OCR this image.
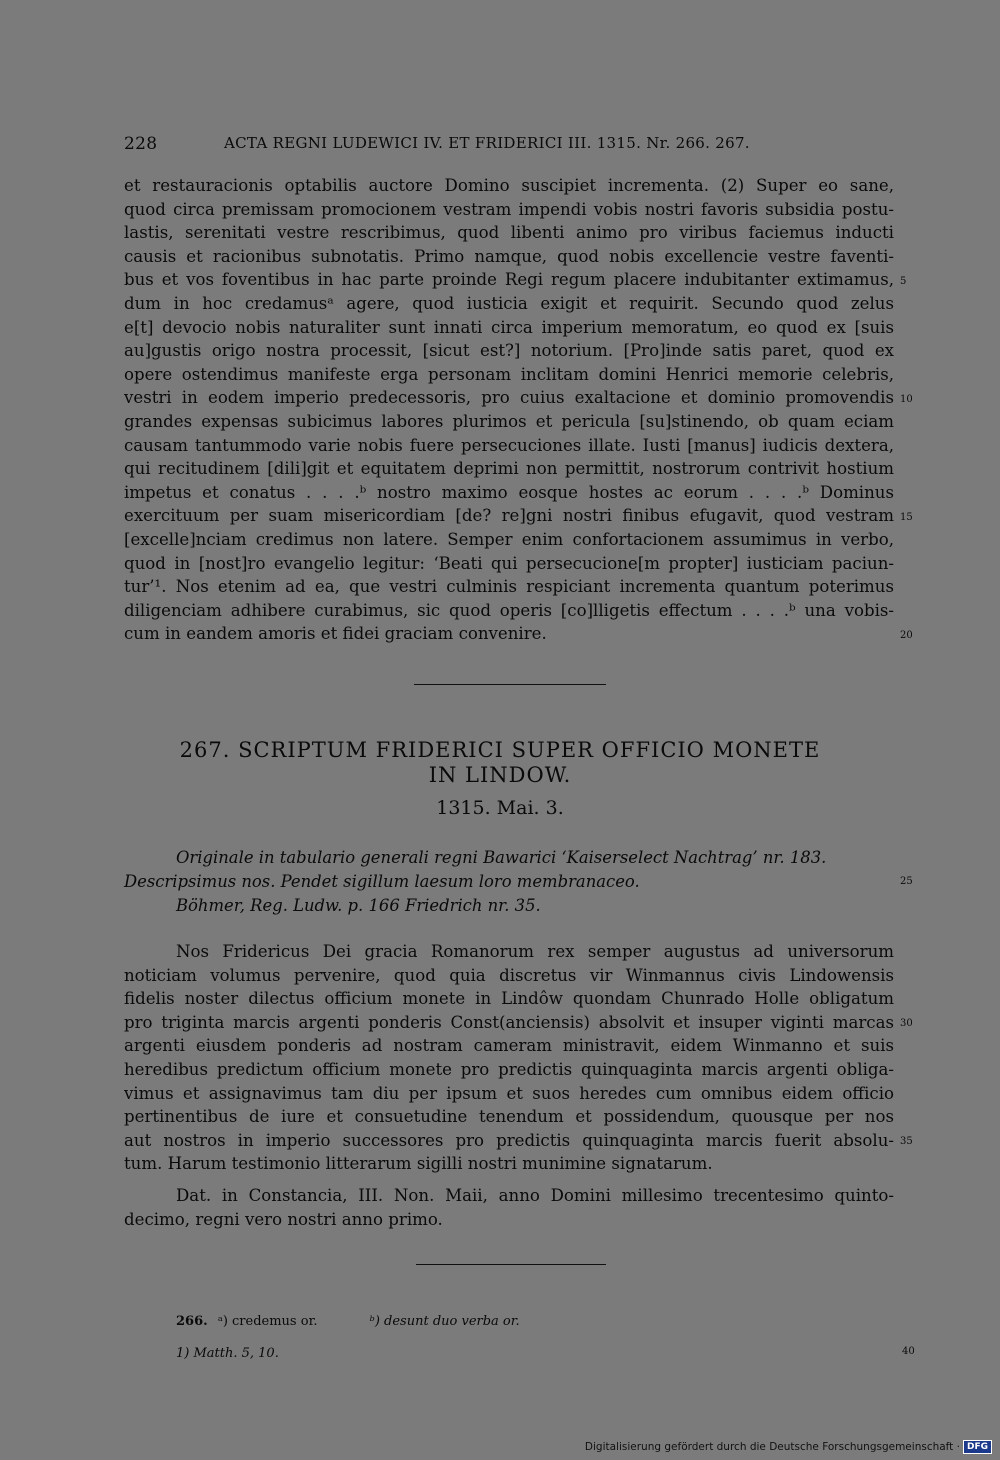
228	ACTA REGNI LUDEWICI IV. ET FRIDERICI III. 1315. Nr. 266. 267.
et restauracionis optabilis auctore Domino suscipiet incrementa. (2) Super eo sane,
quod circa premissam promocionem vestram impendi vobis nostri favoris subsidia postu-
lastis, serenitati vestre rescribimus, quod libenti animo pro viribus faciemus inducti
causis et racionibus subnotatis. Primo namque, quod nobis excellencie vestre faventi-
bus et vos foventibus in hac parte proinde Regi regum placere indubitanter extimamus,
dum in hoc credamusᵃ agere, quod iusticia exigit et requirit. Secundo quod zelus
e[t] devocio nobis naturaliter sunt innati circa imperium memoratum, eo quod ex [suis
au]gustis origo nostra processit, [sicut est?] notorium. [Pro]inde satis paret, quod ex
opere ostendimus manifeste erga personam inclitam domini Henrici memorie celebris,
vestri in eodem imperio predecessoris, pro cuius exaltacione et dominio promovendis
grandes expensas subicimus labores plurimos et pericula [su]stinendo, ob quam eciam
causam tantummodo varie nobis fuere persecuciones illate. Iusti [manus] iudicis dextera,
qui recitudinem [dili]git et equitatem deprimi non permittit, nostrorum contrivit hostium
impetus et conatus . . . .ᵇ nostro maximo eosque hostes ac eorum . . . .ᵇ Dominus
exercituum per suam misericordiam [de? re]gni nostri finibus efugavit, quod vestram
[excelle]nciam credimus non latere. Semper enim confortacionem assumimus in verbo,
quod in [nost]ro evangelio legitur: ‘Beati qui persecucione[m propter] iusticiam paciun-
tur’¹. Nos etenim ad ea, que vestri culminis respiciant incrementa quantum poterimus
diligenciam adhibere curabimus, sic quod operis [co]lligetis effectum . . . .ᵇ una vobis-
cum in eandem amoris et fidei graciam convenire.
5
10
15
20
267. SCRIPTUM FRIDERICI SUPER OFFICIO MONETE
IN LINDOW.
1315. Mai. 3.
Originale in tabulario generali regni Bawarici ‘Kaiserselect Nachtrag’ nr. 183.
Descripsimus nos. Pendet sigillum laesum loro membranaceo.
Böhmer, Reg. Ludw. p. 166 Friedrich nr. 35.
25
Nos Fridericus Dei gracia Romanorum rex semper augustus ad universorum
noticiam volumus pervenire, quod quia discretus vir Winmannus civis Lindowensis
fidelis noster dilectus officium monete in Lindôw quondam Chunrado Holle obligatum
pro triginta marcis argenti ponderis Const(anciensis) absolvit et insuper viginti marcas
argenti eiusdem ponderis ad nostram cameram ministravit, eidem Winmanno et suis
heredibus predictum officium monete pro predictis quinquaginta marcis argenti obliga-
vimus et assignavimus tam diu per ipsum et suos heredes cum omnibus eidem officio
pertinentibus de iure et consuetudine tenendum et possidendum, quousque per nos
aut nostros in imperio successores pro predictis quinquaginta marcis fuerit absolu-
tum. Harum testimonio litterarum sigilli nostri munimine signatarum.
30
35
Dat. in Constancia, III. Non. Maii, anno Domini millesimo trecentesimo quinto-
decimo, regni vero nostri anno primo.
266. ᵃ) credemus or.	ᵇ) desunt duo verba or.
1) Matth. 5, 10.	40
Digitalisierung gefördert durch die Deutsche Forschungsgemeinschaft · DFG
